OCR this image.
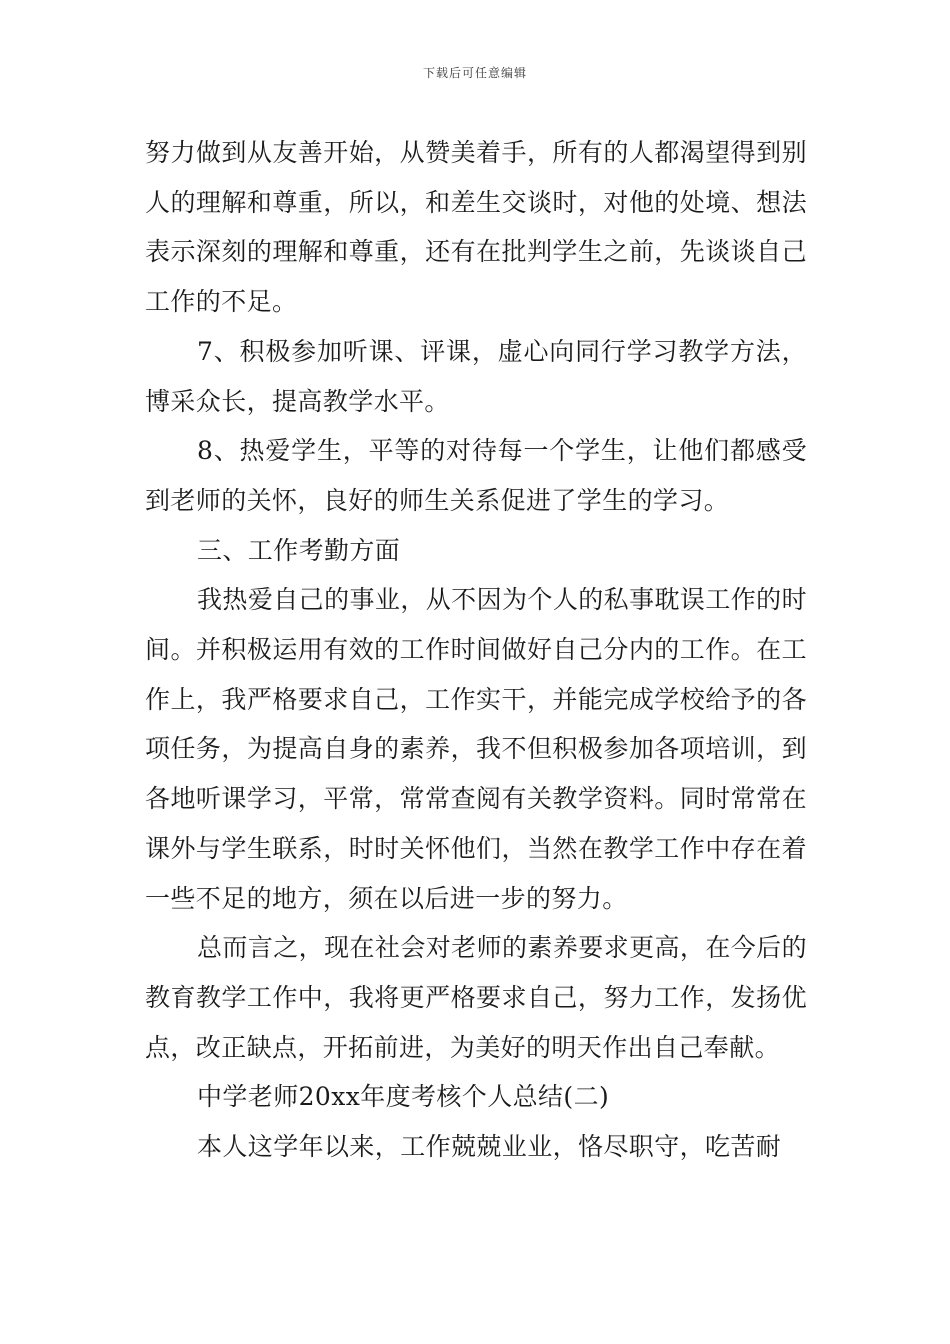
下载后可任意编辑

努力做到从友善开始，从赞美着手，所有的人都渴望得到别人的理解和尊重，所以，和差生交谈时，对他的处境、想法表示深刻的理解和尊重，还有在批判学生之前，先谈谈自己工作的不足。

7、积极参加听课、评课，虚心向同行学习教学方法，博采众长，提高教学水平。

8、热爱学生，平等的对待每一个学生，让他们都感受到老师的关怀，良好的师生关系促进了学生的学习。

三、工作考勤方面

我热爱自己的事业，从不因为个人的私事耽误工作的时间。并积极运用有效的工作时间做好自己分内的工作。在工作上，我严格要求自己，工作实干，并能完成学校给予的各项任务，为提高自身的素养，我不但积极参加各项培训，到各地听课学习，平常，常常查阅有关教学资料。同时常常在课外与学生联系，时时关怀他们，当然在教学工作中存在着一些不足的地方，须在以后进一步的努力。

总而言之，现在社会对老师的素养要求更高，在今后的教育教学工作中，我将更严格要求自己，努力工作，发扬优点，改正缺点，开拓前进，为美好的明天作出自己奉献。

中学老师20xx年度考核个人总结(二)

本人这学年以来，工作兢兢业业，恪尽职守，吃苦耐
